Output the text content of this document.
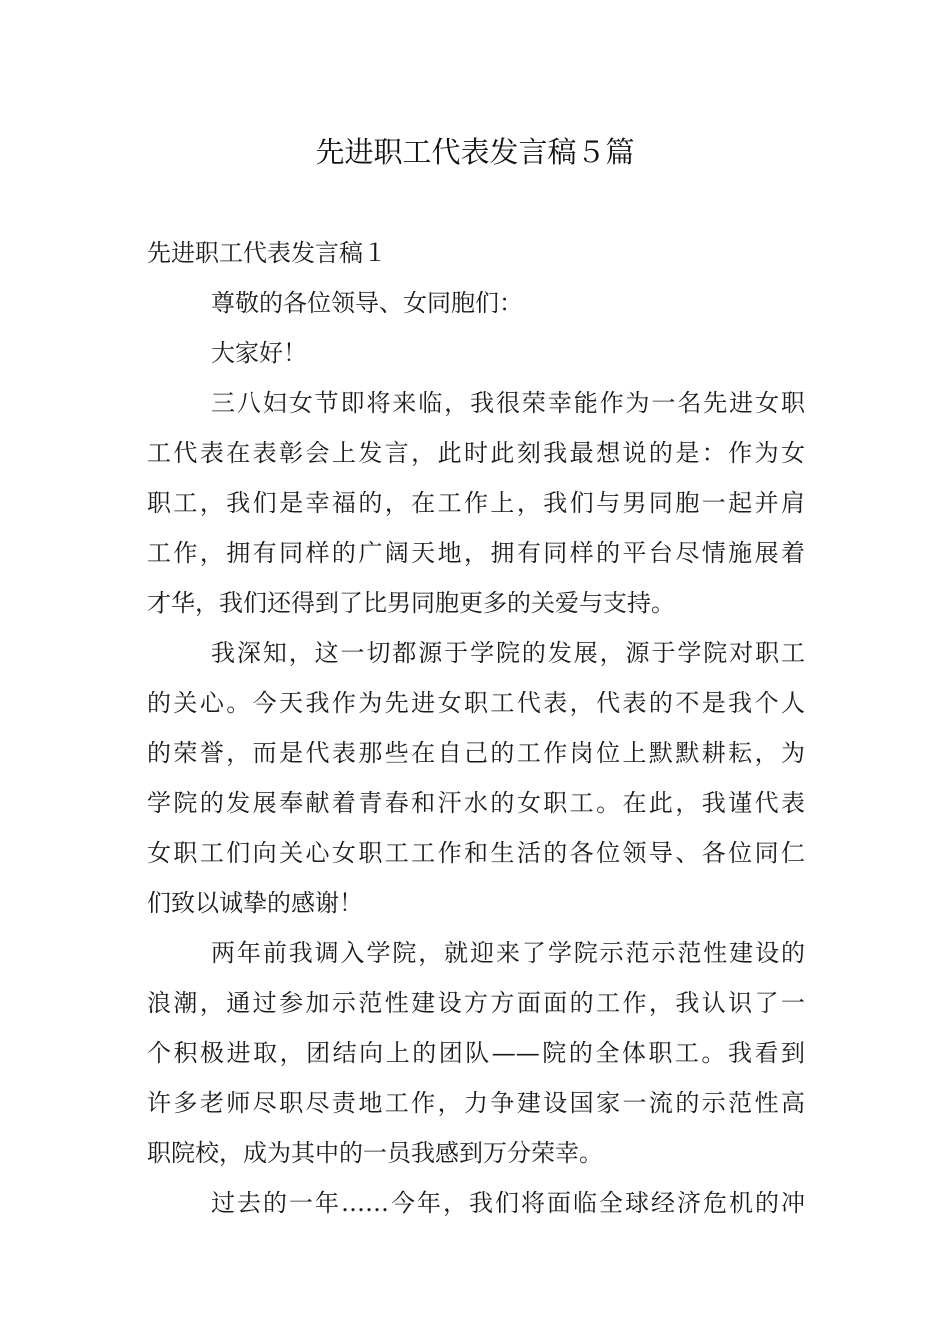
先进职工代表发言稿５篇
先进职工代表发言稿１
尊敬的各位领导、女同胞们：
大家好！
三八妇女节即将来临，我很荣幸能作为一名先进女职
工代表在表彰会上发言，此时此刻我最想说的是：作为女
职工，我们是幸福的，在工作上，我们与男同胞一起并肩
工作，拥有同样的广阔天地，拥有同样的平台尽情施展着
才华，我们还得到了比男同胞更多的关爱与支持。
我深知，这一切都源于学院的发展，源于学院对职工
的关心。今天我作为先进女职工代表，代表的不是我个人
的荣誉，而是代表那些在自己的工作岗位上默默耕耘，为
学院的发展奉献着青春和汗水的女职工。在此，我谨代表
女职工们向关心女职工工作和生活的各位领导、各位同仁
们致以诚挚的感谢！
两年前我调入学院，就迎来了学院示范示范性建设的
浪潮，通过参加示范性建设方方面面的工作，我认识了一
个积极进取，团结向上的团队——院的全体职工。我看到
许多老师尽职尽责地工作，力争建设国家一流的示范性高
职院校，成为其中的一员我感到万分荣幸。
过去的一年……今年，我们将面临全球经济危机的冲
